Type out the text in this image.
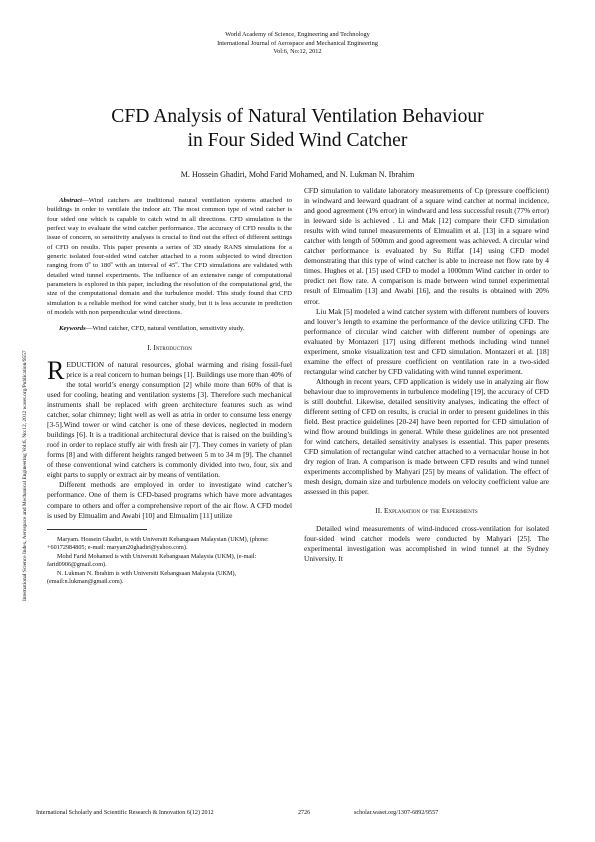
World Academy of Science, Engineering and Technology
International Journal of Aerospace and Mechanical Engineering
Vol:6, No:12, 2012
CFD Analysis of Natural Ventilation Behaviour
in Four Sided Wind Catcher
M. Hossein Ghadiri, Mohd Farid Mohamed, and N. Lukman N. Ibrahim
International Science Index, Aerospace and Mechanical Engineering Vol:6, No:12, 2012 waset.org/Publication/9557

Abstract—Wind catchers are traditional natural ventilation systems attached to buildings in order to ventilate the indoor air. The most common type of wind catcher is four sided one which is capable to catch wind in all directions. CFD simulation is the perfect way to evaluate the wind catcher performance. The accuracy of CFD results is the issue of concern, so sensitivity analyses is crucial to find out the effect of different settings of CFD on results. This paper presents a series of 3D steady RANS simulations for a generic isolated four-sided wind catcher attached to a room subjected to wind direction ranging from 0º to 180º with an interval of 45º. The CFD simulations are validated with detailed wind tunnel experiments. The influence of an extensive range of computational parameters is explored in this paper, including the resolution of the computational grid, the size of the computational domain and the turbulence model. This study found that CFD simulation is a reliable method for wind catcher study, but it is less accurate in prediction of models with non perpendicular wind directions.

Keywords—Wind catcher, CFD, natural ventilation, sensitivity study.

I. Introduction

REDUCTION of natural resources, global warming and rising fossil-fuel price is a real concern to human beings [1]. Buildings use more than 40% of the total world’s energy consumption [2] while more than 60% of that is used for cooling, heating and ventilation systems [3]. Therefore such mechanical instruments shall be replaced with green architecture features such as wind catcher, solar chimney; light well as well as atria in order to consume less energy [3-5].Wind tower or wind catcher is one of these devices, neglected in modern buildings [6]. It is a traditional architectural device that is raised on the building’s roof in order to replace stuffy air with fresh air [7]. They comes in variety of plan forms [8] and with different heights ranged between 5 m to 34 m [9]. The channel of these conventional wind catchers is commonly divided into two, four, six and eight parts to supply or extract air by means of ventilation.

Different methods are employed in order to investigate wind catcher’s performance. One of them is CFD-based programs which have more advantages compare to others and offer a comprehensive report of the air flow. A CFD model is used by Elmualim and Awabi [10] and Elmualim [11] utilize

Maryam. Hossein Ghadiri, is with Universiti Kebangsaan Malaysian (UKM), (phone: +60172984805; e-mail: maryam20ghadiri@yahoo.com).

Mohd Farid Mohamed is with Universiti Kebangsaan Malaysia (UKM), (e-mail: farid0906@gmail.com).

N. Lukman N. Ibrahim is with Universiti Kebangsaan Malaysia (UKM), (email:n.lukman@gmail.com).

CFD simulation to validate laboratory measurements of Cp (pressure coefficient) in windward and leeward quadrant of a square wind catcher at normal incidence, and good agreement (1% error) in windward and less successful result (77% error) in leeward side is achieved . Li and Mak [12] compare their CFD simulation results with wind tunnel measurements of Elmualim et al. [13] in a square wind catcher with length of 500mm and good agreement was achieved. A circular wind catcher performance is evaluated by Su Riffat [14] using CFD model demonstrating that this type of wind catcher is able to increase net flow rate by 4 times. Hughes et al. [15] used CFD to model a 1000mm Wind catcher in order to predict net flow rate. A comparison is made between wind tunnel experimental result of Elmualim [13] and Awabi [16], and the results is obtained with 20% error.

Liu Mak [5] modeled a wind catcher system with different numbers of louvers and louver’s length to examine the performance of the device utilizing CFD. The performance of circular wind catcher with different number of openings are evaluated by Montazeri [17] using different methods including wind tunnel experiment, smoke visualization test and CFD simulation. Montazeri et al. [18] examine the effect of pressure coefficient on ventilation rate in a two-sided rectangular wind catcher by CFD validating with wind tunnel experiment.

Although in recent years, CFD application is widely use in analyzing air flow behaviour due to improvements in turbulence modeling [19], the accuracy of CFD is still doubtful. Likewise, detailed sensitivity analyses, indicating the effect of different setting of CFD on results, is crucial in order to present guidelines in this field. Best practice guidelines [20-24] have been reported for CFD simulation of wind flow around buildings in general. While these guidelines are not presented for wind catchers, detailed sensitivity analyses is essential. This paper presents CFD simulation of rectangular wind catcher attached to a vernacular house in hot dry region of Iran. A comparison is made between CFD results and wind tunnel experiments accomplished by Mahyari [25] by means of validation. The effect of mesh design, domain size and turbulence models on velocity coefficient value are assessed in this paper.

II. Explanation of the Experiments

Detailed wind measurements of wind-induced cross-ventilation for isolated four-sided wind catcher models were conducted by Mahyari [25]. The experimental investigation was accomplished in wind tunnel at the Sydney University. It

International Scholarly and Scientific Research & Innovation 6(12) 2012	2726	scholar.waset.org/1307-6892/9557
